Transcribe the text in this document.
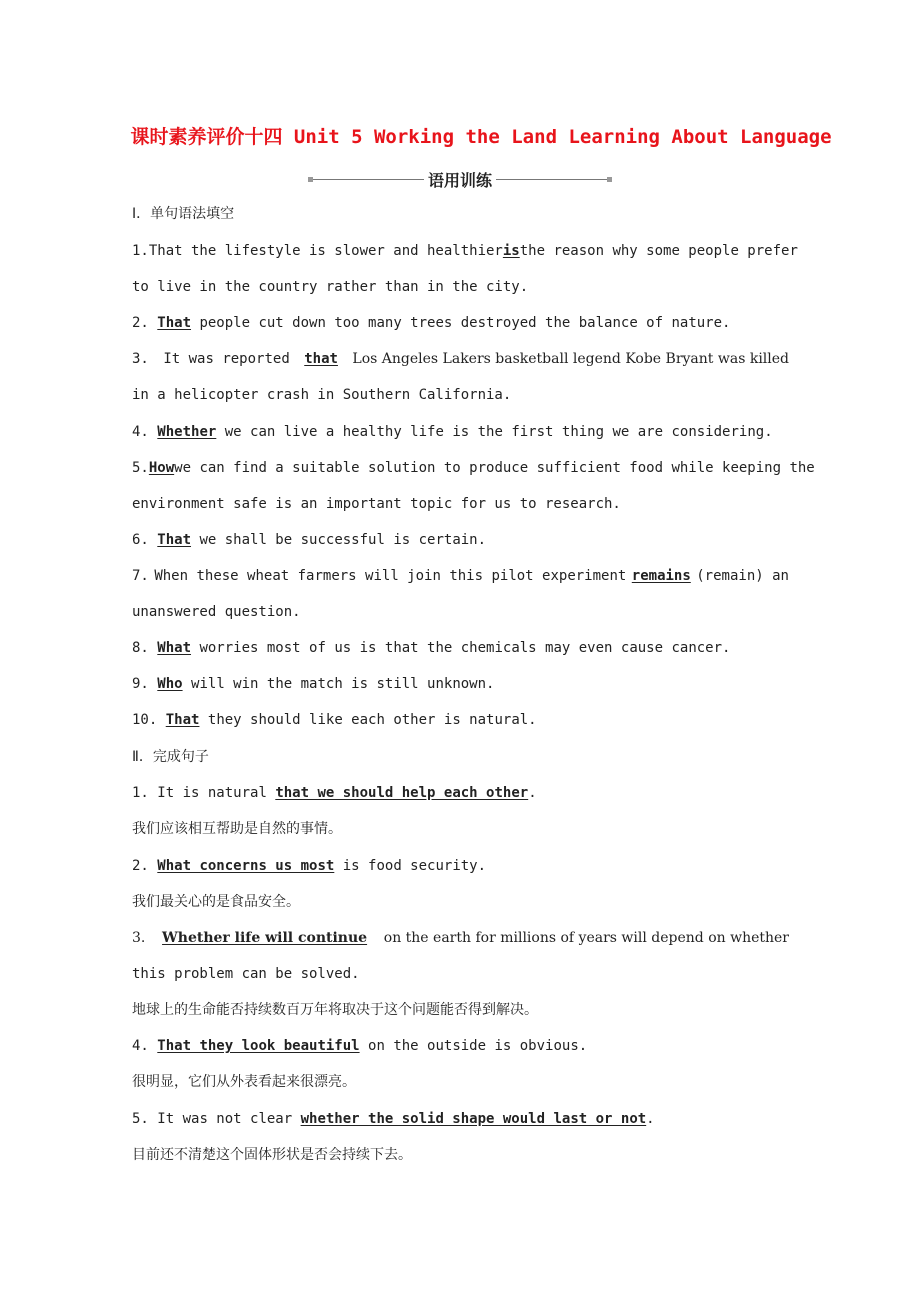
课时素养评价十四 Unit 5 Working the Land Learning About Language
语用训练
Ⅰ．单句语法填空
1. That the lifestyle is slower and healthier is the reason why some people prefer
to live in the country rather than in the city.
2. That people cut down too many trees destroyed the balance of nature.
3. It was reported that Los Angeles Lakers basketball legend Kobe Bryant was killed
in a helicopter crash in Southern California.
4. Whether we can live a healthy life is the first thing we are considering.
5. How we can find a suitable solution to produce sufficient food while keeping the
environment safe is an important topic for us to research.
6. That we shall be successful is certain.
7. When these wheat farmers will join this pilot experiment remains (remain) an
unanswered question.
8. What worries most of us is that the chemicals may even cause cancer.
9. Who will win the match is still unknown.
10. That they should like each other is natural.
Ⅱ．完成句子
1. It is natural that we should help each other.
我们应该相互帮助是自然的事情。
2. What concerns us most is food security.
我们最关心的是食品安全。
3. Whether life will continue on the earth for millions of years will depend on whether
this problem can be solved.
地球上的生命能否持续数百万年将取决于这个问题能否得到解决。
4. That they look beautiful on the outside is obvious.
很明显，它们从外表看起来很漂亮。
5. It was not clear whether the solid shape would last or not.
目前还不清楚这个固体形状是否会持续下去。
